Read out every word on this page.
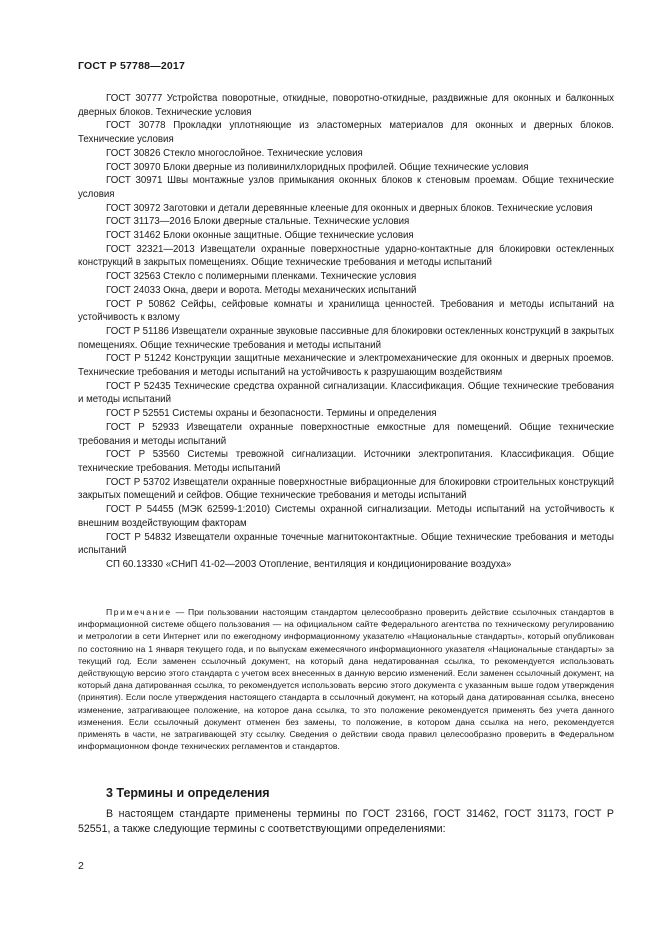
ГОСТ Р 57788—2017

ГОСТ 30777 Устройства поворотные, откидные, поворотно-откидные, раздвижные для оконных и балконных дверных блоков. Технические условия

ГОСТ 30778 Прокладки уплотняющие из эластомерных материалов для оконных и дверных блоков. Технические условия

ГОСТ 30826 Стекло многослойное. Технические условия

ГОСТ 30970 Блоки дверные из поливинилхлоридных профилей. Общие технические условия

ГОСТ 30971 Швы монтажные узлов примыкания оконных блоков к стеновым проемам. Общие технические условия

ГОСТ 30972 Заготовки и детали деревянные клееные для оконных и дверных блоков. Технические условия

ГОСТ 31173—2016 Блоки дверные стальные. Технические условия

ГОСТ 31462 Блоки оконные защитные. Общие технические условия

ГОСТ 32321—2013 Извещатели охранные поверхностные ударно-контактные для блокировки остекленных конструкций в закрытых помещениях. Общие технические требования и методы испытаний

ГОСТ 32563 Стекло с полимерными пленками. Технические условия

ГОСТ 24033 Окна, двери и ворота. Методы механических испытаний

ГОСТ Р 50862 Сейфы, сейфовые комнаты и хранилища ценностей. Требования и методы испытаний на устойчивость к взлому

ГОСТ Р 51186 Извещатели охранные звуковые пассивные для блокировки остекленных конструкций в закрытых помещениях. Общие технические требования и методы испытаний

ГОСТ Р 51242 Конструкции защитные механические и электромеханические для оконных и дверных проемов. Технические требования и методы испытаний на устойчивость к разрушающим воздействиям

ГОСТ Р 52435 Технические средства охранной сигнализации. Классификация. Общие технические требования и методы испытаний

ГОСТ Р 52551 Системы охраны и безопасности. Термины и определения

ГОСТ Р 52933 Извещатели охранные поверхностные емкостные для помещений. Общие технические требования и методы испытаний

ГОСТ Р 53560 Системы тревожной сигнализации. Источники электропитания. Классификация. Общие технические требования. Методы испытаний

ГОСТ Р 53702 Извещатели охранные поверхностные вибрационные для блокировки строительных конструкций закрытых помещений и сейфов. Общие технические требования и методы испытаний

ГОСТ Р 54455 (МЭК 62599-1:2010) Системы охранной сигнализации. Методы испытаний на устойчивость к внешним воздействующим факторам

ГОСТ Р 54832 Извещатели охранные точечные магнитоконтактные. Общие технические требования и методы испытаний

СП 60.13330 «СНиП 41-02—2003 Отопление, вентиляция и кондиционирование воздуха»

Примечание — При пользовании настоящим стандартом целесообразно проверить действие ссылочных стандартов в информационной системе общего пользования — на официальном сайте Федерального агентства по техническому регулированию и метрологии в сети Интернет или по ежегодному информационному указателю «Национальные стандарты», который опубликован по состоянию на 1 января текущего года, и по выпускам ежемесячного информационного указателя «Национальные стандарты» за текущий год. Если заменен ссылочный документ, на который дана недатированная ссылка, то рекомендуется использовать действующую версию этого стандарта с учетом всех внесенных в данную версию изменений. Если заменен ссылочный документ, на который дана датированная ссылка, то рекомендуется использовать версию этого документа с указанным выше годом утверждения (принятия). Если после утверждения настоящего стандарта в ссылочный документ, на который дана датированная ссылка, внесено изменение, затрагивающее положение, на которое дана ссылка, то это положение рекомендуется применять без учета данного изменения. Если ссылочный документ отменен без замены, то положение, в котором дана ссылка на него, рекомендуется применять в части, не затрагивающей эту ссылку. Сведения о действии свода правил целесообразно проверить в Федеральном информационном фонде технических регламентов и стандартов.

3 Термины и определения

В настоящем стандарте применены термины по ГОСТ 23166, ГОСТ 31462, ГОСТ 31173, ГОСТ Р 52551, а также следующие термины с соответствующими определениями:

2
